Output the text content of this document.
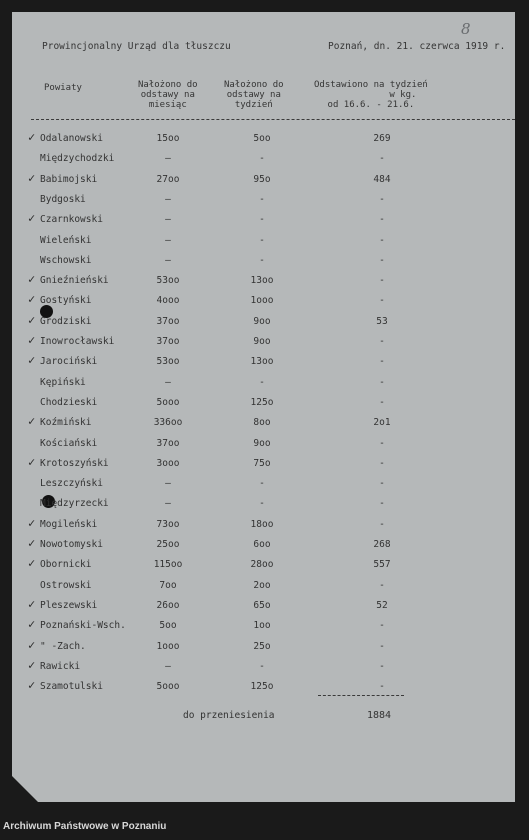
8
Prowincjonalny Urząd dla tłuszczu	Poznań, dn. 21. czerwca 1919 r.
Powiaty	Nałożono do
odstawy na
miesiąc
Nałożono do
odstawy na
tydzień
Odstawiono na tydzień
w kg.
od 16.6. - 21.6.
do przeniesienia	1884
✓ Odalanowski	15oo	5oo	269
Międzychodzki	—	-	-
✓ Babimojski	27oo	95o	484
Bydgoski	—	-	-
✓ Czarnkowski	—	-	-
Wieleński	—	-	-
Wschowski	—	-	-
✓ Gnieźnieński	53oo	13oo	-
✓ Gostyński	4ooo	1ooo	-
✓ Grodziski	37oo	9oo	53
✓ Inowrocławski	37oo	9oo	-
✓ Jarociński	53oo	13oo	-
Kępiński	—	-	-
Chodzieski	5ooo	125o	-
✓ Koźmiński	336oo	8oo	2o1
Kościański	37oo	9oo	-
✓ Krotoszyński	3ooo	75o	-
Leszczyński	—	-	-
Międzyrzecki	—	-	-
✓ Mogileński	73oo	18oo	-
✓ Nowotomyski	25oo	6oo	268
✓ Obornicki	115oo	28oo	557
Ostrowski	7oo	2oo	-
✓ Pleszewski	26oo	65o	52
✓ Poznański-Wsch.	5oo	1oo	-
✓ " -Zach.	1ooo	25o	-
✓ Rawicki	—	-	-
✓ Szamotulski	5ooo	125o	-
Archiwum Państwowe w Poznaniu
